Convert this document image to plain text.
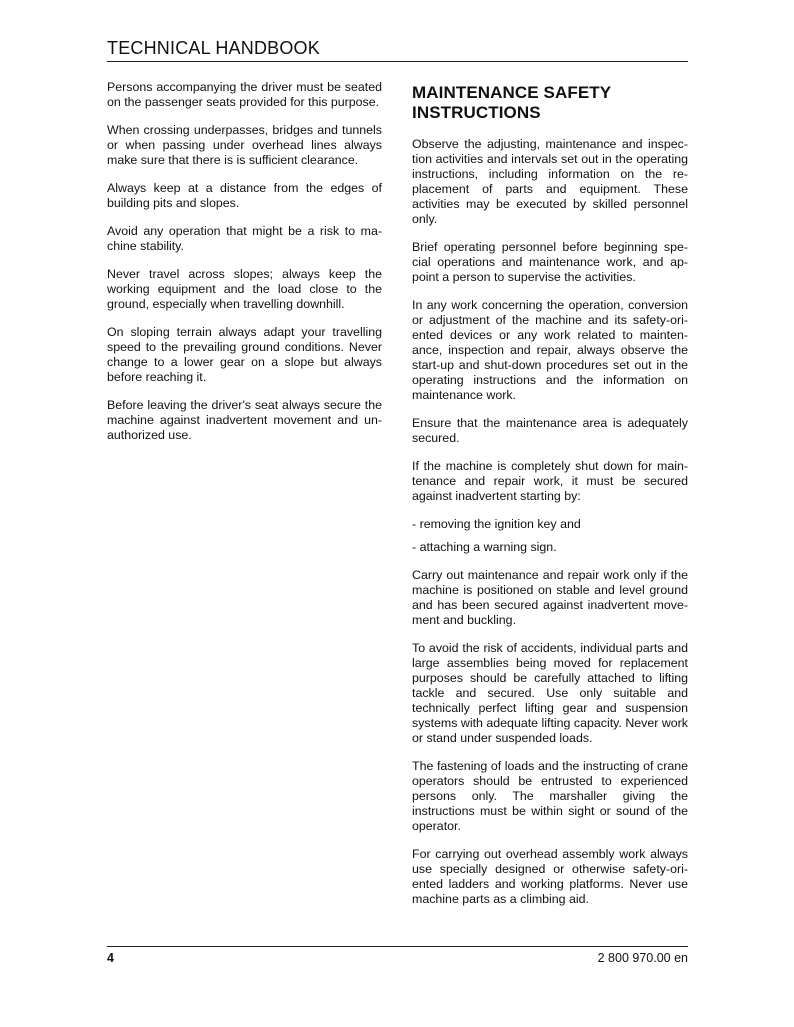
TECHNICAL HANDBOOK

Persons accompanying the driver must be seated on the passenger seats provided for this purpose.

When crossing underpasses, bridges and tunnels or when passing under overhead lines always make sure that there is is sufficient clearance.

Always keep at a distance from the edges of building pits and slopes.

Avoid any operation that might be a risk to machine stability.

Never travel across slopes; always keep the working equipment and the load close to the ground, especially when travelling downhill.

On sloping terrain always adapt your travelling speed to the prevailing ground conditions. Never change to a lower gear on a slope but always before reaching it.

Before leaving the driver's seat always secure the machine against inadvertent movement and unauthorized use.

MAINTENANCE SAFETY INSTRUCTIONS

Observe the adjusting, maintenance and inspection activities and intervals set out in the operating instructions, including information on the replacement of parts and equipment. These activities may be executed by skilled personnel only.

Brief operating personnel before beginning special operations and maintenance work, and appoint a person to supervise the activities.

In any work concerning the operation, conversion or adjustment of the machine and its safety-oriented devices or any work related to maintenance, inspection and repair, always observe the start-up and shut-down procedures set out in the operating instructions and the information on maintenance work.

Ensure that the maintenance area is adequately secured.

If the machine is completely shut down for maintenance and repair work, it must be secured against inadvertent starting by:

- removing the ignition key and

- attaching a warning sign.

Carry out maintenance and repair work only if the machine is positioned on stable and level ground and has been secured against inadvertent movement and buckling.

To avoid the risk of accidents, individual parts and large assemblies being moved for replacement purposes should be carefully attached to lifting tackle and secured. Use only suitable and technically perfect lifting gear and suspension systems with adequate lifting capacity. Never work or stand under suspended loads.

The fastening of loads and the instructing of crane operators should be entrusted to experienced persons only. The marshaller giving the instructions must be within sight or sound of the operator.

For carrying out overhead assembly work always use specially designed or otherwise safety-oriented ladders and working platforms. Never use machine parts as a climbing aid.

4	2 800 970.00 en
